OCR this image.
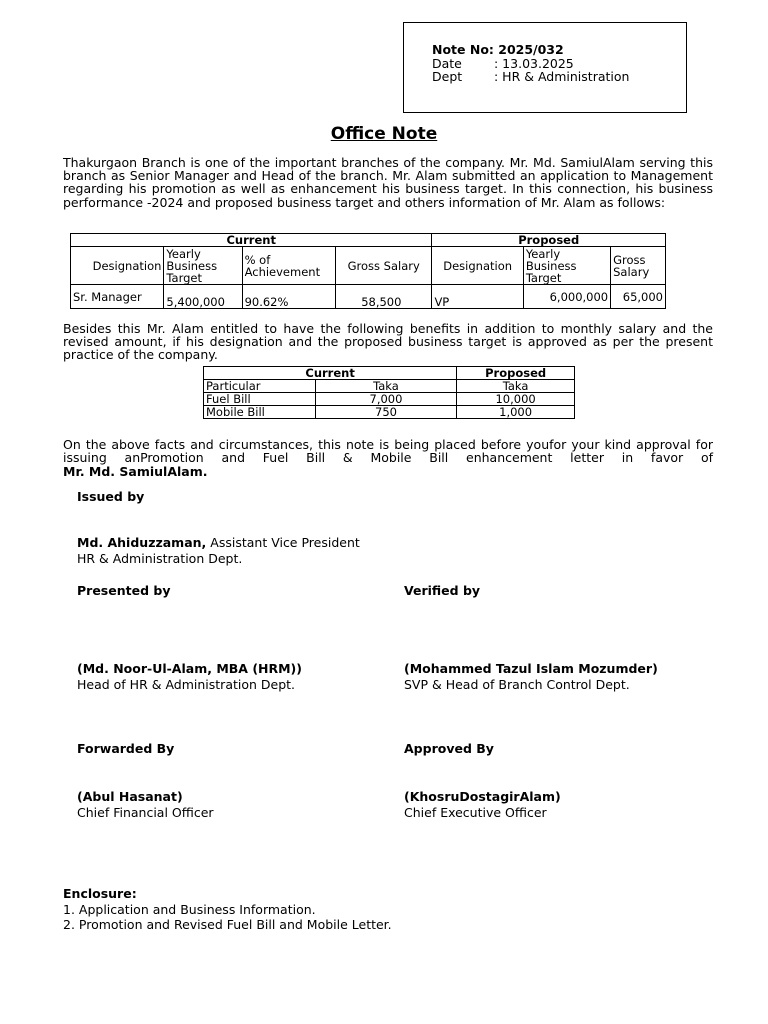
Note No: 2025/032
Date	: 13.03.2025
Dept	: HR & Administration
Office Note
Thakurgaon Branch is one of the important branches of the company. Mr. Md. SamiulAlam serving this branch as Senior Manager and Head of the branch. Mr. Alam submitted an application to Management regarding his promotion as well as enhancement his business target. In this connection, his business performance -2024 and proposed business target and others information of Mr. Alam as follows:
Current				Proposed		
Designation	Yearly Business Target	% of Achievement	Gross Salary	Designation	Yearly Business Target	Gross Salary
Sr. Manager	5,400,000	90.62%	58,500	VP	6,000,000	65,000
Besides this Mr. Alam entitled to have the following benefits in addition to monthly salary and the revised amount, if his designation and the proposed business target is approved as per the present practice of the company.
Current		Proposed
Particular	Taka	Taka
Fuel Bill	7,000	10,000
Mobile Bill	750	1,000
On the above facts and circumstances, this note is being placed before youfor your kind approval for issuing anPromotion and Fuel Bill & Mobile Bill enhancement letter in favor of
Mr. Md. SamiulAlam.
Issued by
Md. Ahiduzzaman, Assistant Vice President
HR & Administration Dept.
Presented by	Verified by
(Md. Noor-Ul-Alam, MBA (HRM))
Head of HR & Administration Dept.
(Mohammed Tazul Islam Mozumder)
SVP & Head of Branch Control Dept.
Forwarded By	Approved By
(Abul Hasanat)
Chief Financial Officer
(KhosruDostagirAlam)
Chief Executive Officer
Enclosure:
1. Application and Business Information.
2. Promotion and Revised Fuel Bill and Mobile Letter.
